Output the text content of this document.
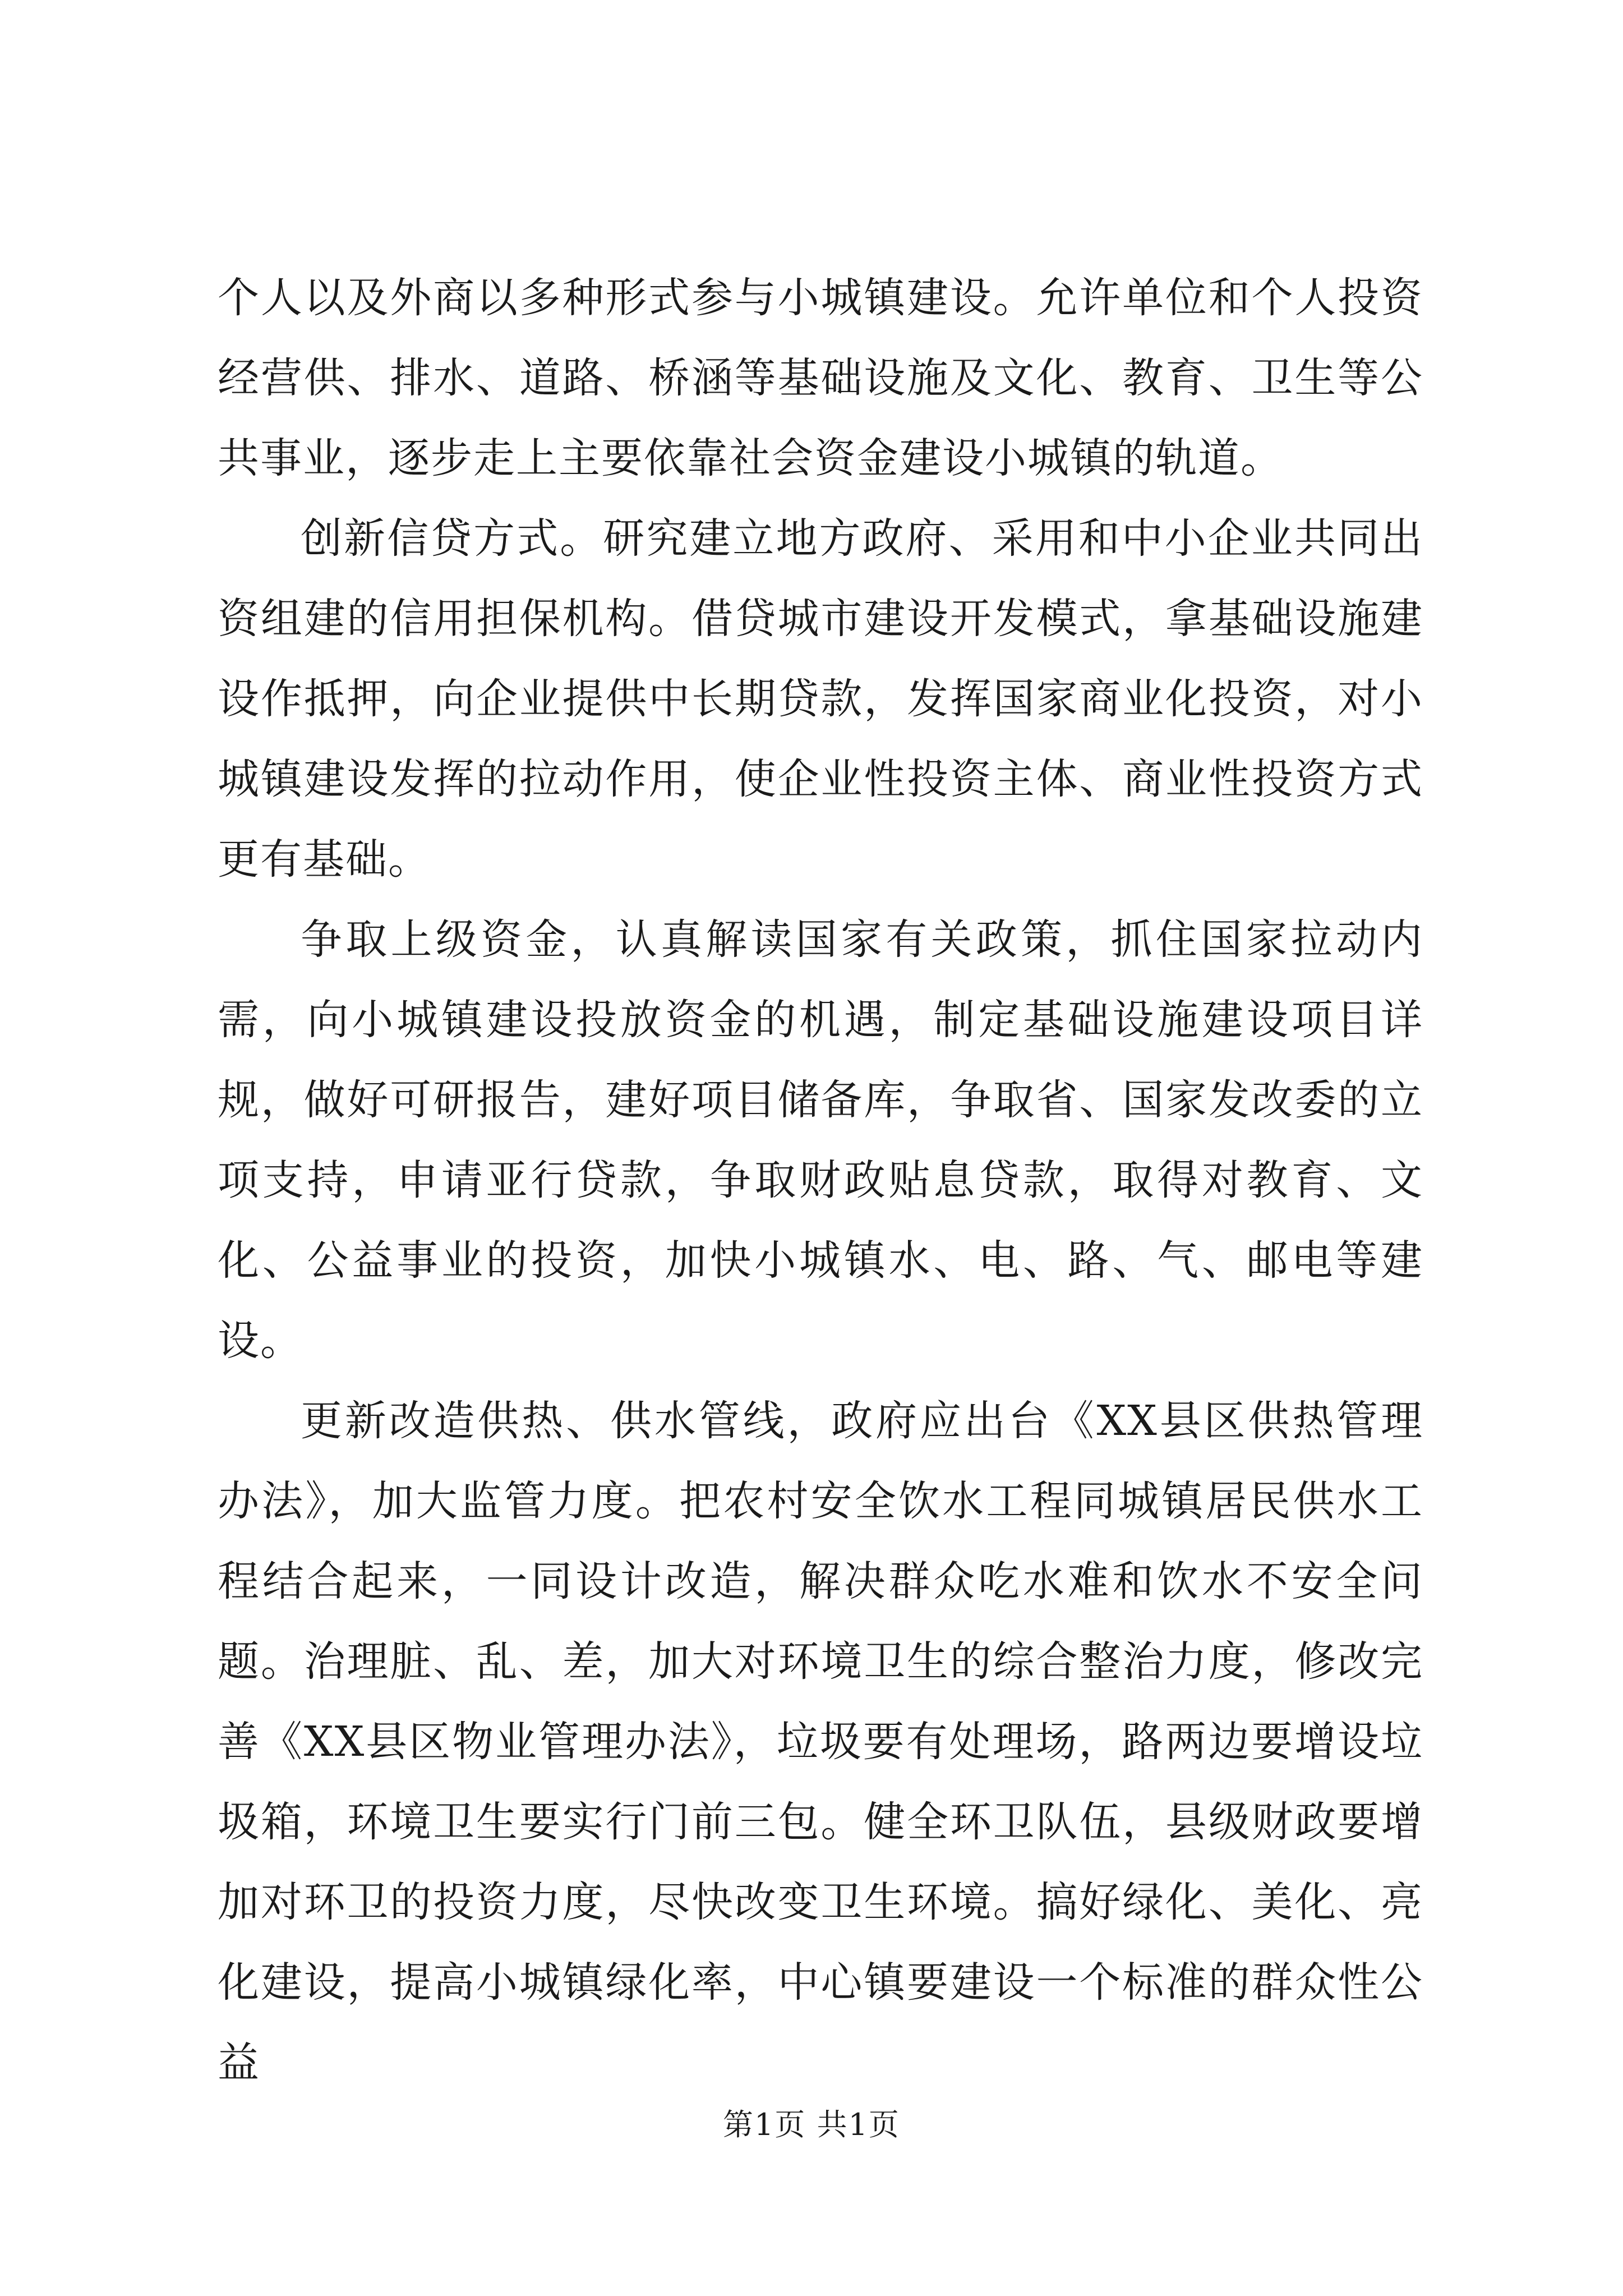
个人以及外商以多种形式参与小城镇建设。允许单位和个人投资经营供、排水、道路、桥涵等基础设施及文化、教育、卫生等公共事业，逐步走上主要依靠社会资金建设小城镇的轨道。

创新信贷方式。研究建立地方政府、采用和中小企业共同出资组建的信用担保机构。借贷城市建设开发模式，拿基础设施建设作抵押，向企业提供中长期贷款，发挥国家商业化投资，对小城镇建设发挥的拉动作用，使企业性投资主体、商业性投资方式更有基础。

争取上级资金，认真解读国家有关政策，抓住国家拉动内需，向小城镇建设投放资金的机遇，制定基础设施建设项目详规，做好可研报告，建好项目储备库，争取省、国家发改委的立项支持，申请亚行贷款，争取财政贴息贷款，取得对教育、文化、公益事业的投资，加快小城镇水、电、路、气、邮电等建设。

更新改造供热、供水管线，政府应出台《XX县区供热管理办法》，加大监管力度。把农村安全饮水工程同城镇居民供水工程结合起来，一同设计改造，解决群众吃水难和饮水不安全问题。治理脏、乱、差，加大对环境卫生的综合整治力度，修改完善《XX县区物业管理办法》，垃圾要有处理场，路两边要增设垃圾箱，环境卫生要实行门前三包。健全环卫队伍，县级财政要增加对环卫的投资力度，尽快改变卫生环境。搞好绿化、美化、亮化建设，提高小城镇绿化率，中心镇要建设一个标准的群众性公益

第1页 共1页
